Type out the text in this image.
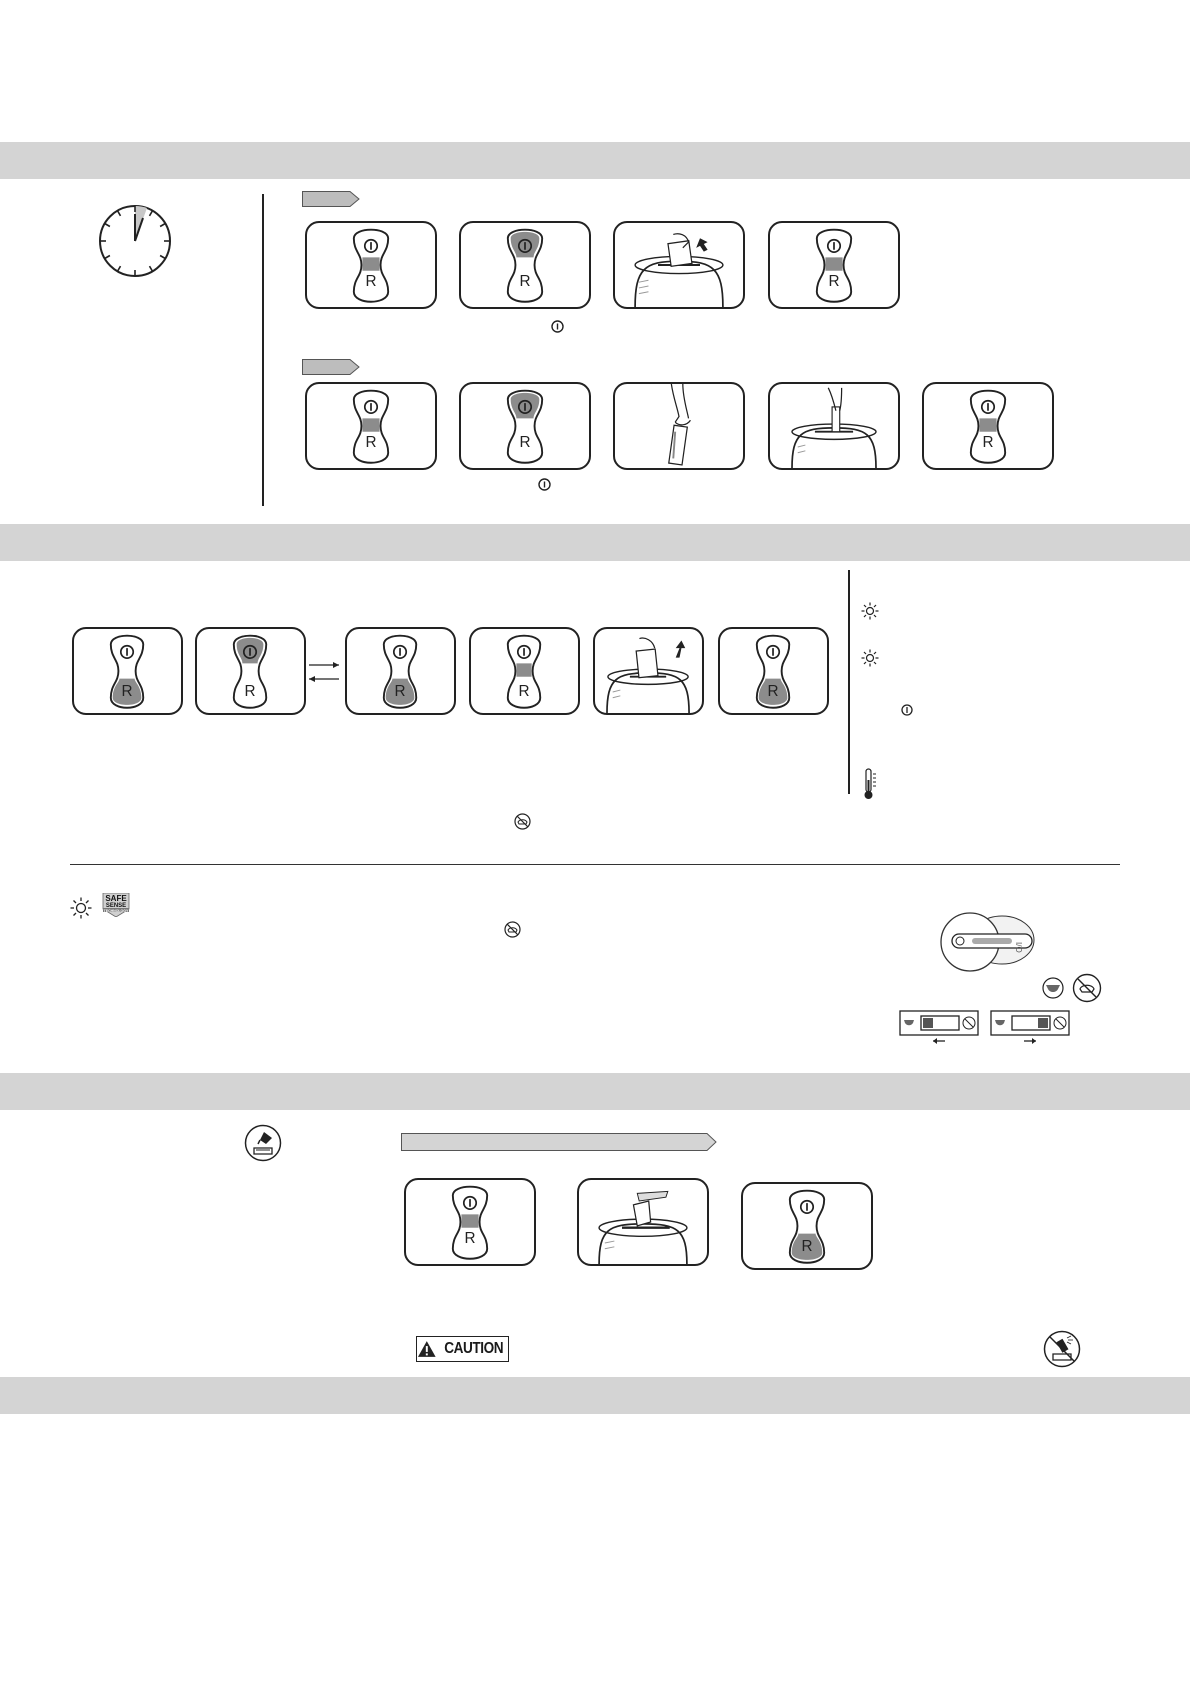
R	R	R
R	R	R
R	R	R	R	R
SAFE
SENSE
TECHNOLOGY
I/O
R	R
CAUTION
